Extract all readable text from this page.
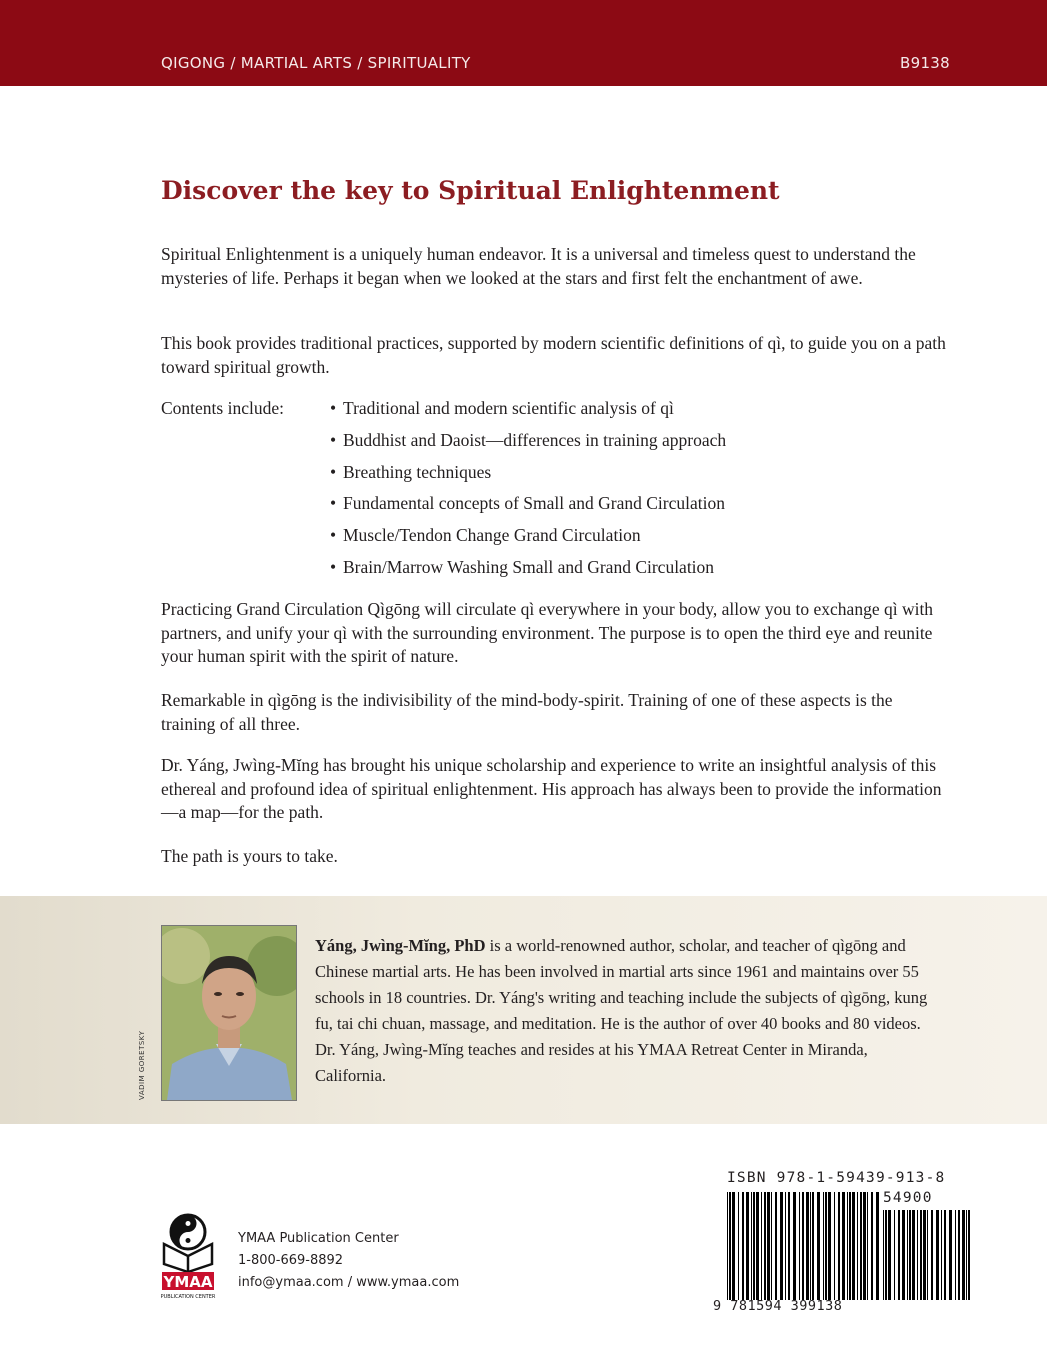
QIGONG / MARTIAL ARTS / SPIRITUALITY	B9138
Discover the key to Spiritual Enlightenment

Spiritual Enlightenment is a uniquely human endeavor. It is a universal and timeless quest to understand the mysteries of life. Perhaps it began when we looked at the stars and first felt the enchantment of awe.

This book provides traditional practices, supported by modern scientific definitions of qì, to guide you on a path toward spiritual growth.

Contents include:	• Traditional and modern scientific analysis of qì
• Buddhist and Daoist—differences in training approach
• Breathing techniques
• Fundamental concepts of Small and Grand Circulation
• Muscle/Tendon Change Grand Circulation
• Brain/Marrow Washing Small and Grand Circulation

Practicing Grand Circulation Qìgōng will circulate qì everywhere in your body, allow you to exchange qì with partners, and unify your qì with the surrounding environment. The purpose is to open the third eye and reunite your human spirit with the spirit of nature.

Remarkable in qìgōng is the indivisibility of the mind-body-spirit. Training of one of these aspects is the training of all three.

Dr. Yáng, Jwìng-Mĭng has brought his unique scholarship and experience to write an insightful analysis of this ethereal and profound idea of spiritual enlightenment. His approach has always been to provide the information—a map—for the path.

The path is yours to take.

VADIM GORETSKY

Yáng, Jwìng-Mĭng, PhD is a world-renowned author, scholar, and teacher of qìgōng and Chinese martial arts. He has been involved in martial arts since 1961 and maintains over 55 schools in 18 countries. Dr. Yáng's writing and teaching include the subjects of qìgōng, kung fu, tai chi chuan, massage, and meditation. He is the author of over 40 books and 80 videos. Dr. Yáng, Jwìng-Mĭng teaches and resides at his YMAA Retreat Center in Miranda, California.

YMAA
PUBLICATION CENTER
YMAA Publication Center
1-800-669-8892
info@ymaa.com / www.ymaa.com
ISBN 978-1-59439-913-8
54900
9 781594 399138
